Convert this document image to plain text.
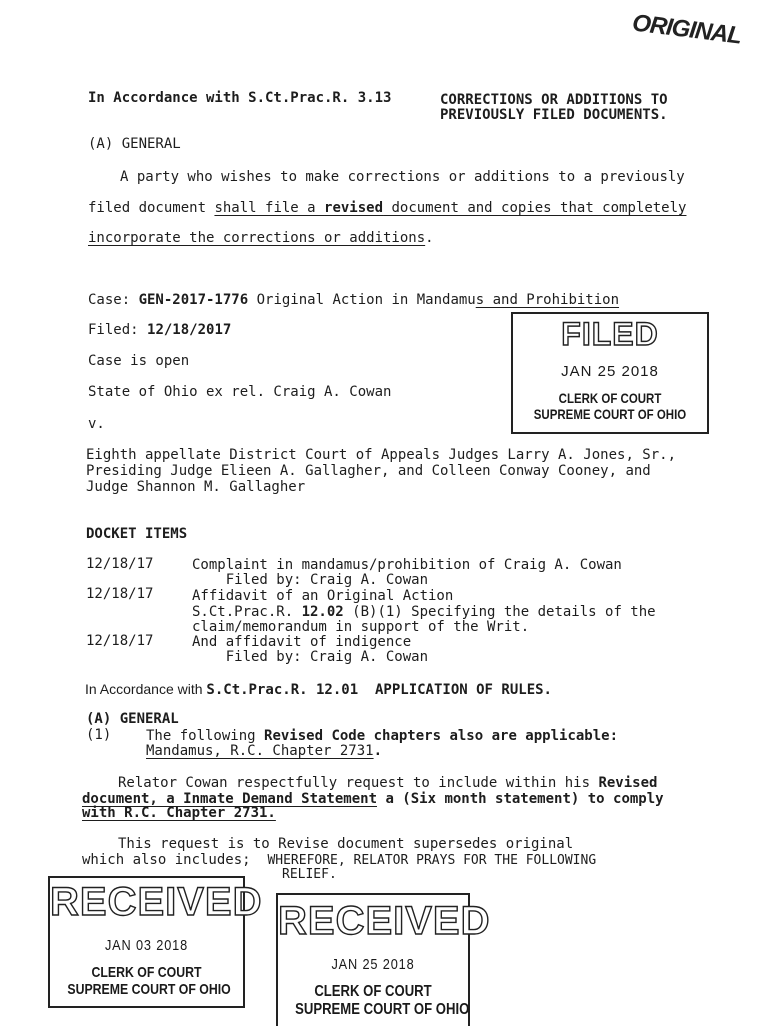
ORIGINAL
In Accordance with S.Ct.Prac.R. 3.13	CORRECTIONS OR ADDITIONS TO
PREVIOUSLY FILED DOCUMENTS.
(A) GENERAL
A party who wishes to make corrections or additions to a previously
filed document shall file a revised document and copies that completely
incorporate the corrections or additions.
Case: GEN-2017-1776 Original Action in Mandamus and Prohibition
Filed: 12/18/2017
Case is open
State of Ohio ex rel. Craig A. Cowan
v.
Eighth appellate District Court of Appeals Judges Larry A. Jones, Sr.,
Presiding Judge Elieen A. Gallagher, and Colleen Conway Cooney, and
Judge Shannon M. Gallagher
FILED
JAN 25 2018
CLERK OF COURT
SUPREME COURT OF OHIO
DOCKET ITEMS
12/18/17	Complaint in mandamus/prohibition of Craig A. Cowan
Filed by: Craig A. Cowan
12/18/17	Affidavit of an Original Action
S.Ct.Prac.R. 12.02 (B)(1) Specifying the details of the
claim/memorandum in support of the Writ.
12/18/17	And affidavit of indigence
Filed by: Craig A. Cowan
In Accordance with S.Ct.Prac.R. 12.01  APPLICATION OF RULES.
(A) GENERAL
(1) The following Revised Code chapters also are applicable:
Mandamus, R.C. Chapter 2731.
Relator Cowan respectfully request to include within his Revised
document, a Inmate Demand Statement a (Six month statement) to comply
with R.C. Chapter 2731.
This request is to Revise document supersedes original
which also includes;  WHEREFORE, RELATOR PRAYS FOR THE FOLLOWING
RELIEF.
RECEIVED
JAN 03 2018
CLERK OF COURT
SUPREME COURT OF OHIO
RECEIVED
JAN 25 2018
CLERK OF COURT
SUPREME COURT OF OHIO
